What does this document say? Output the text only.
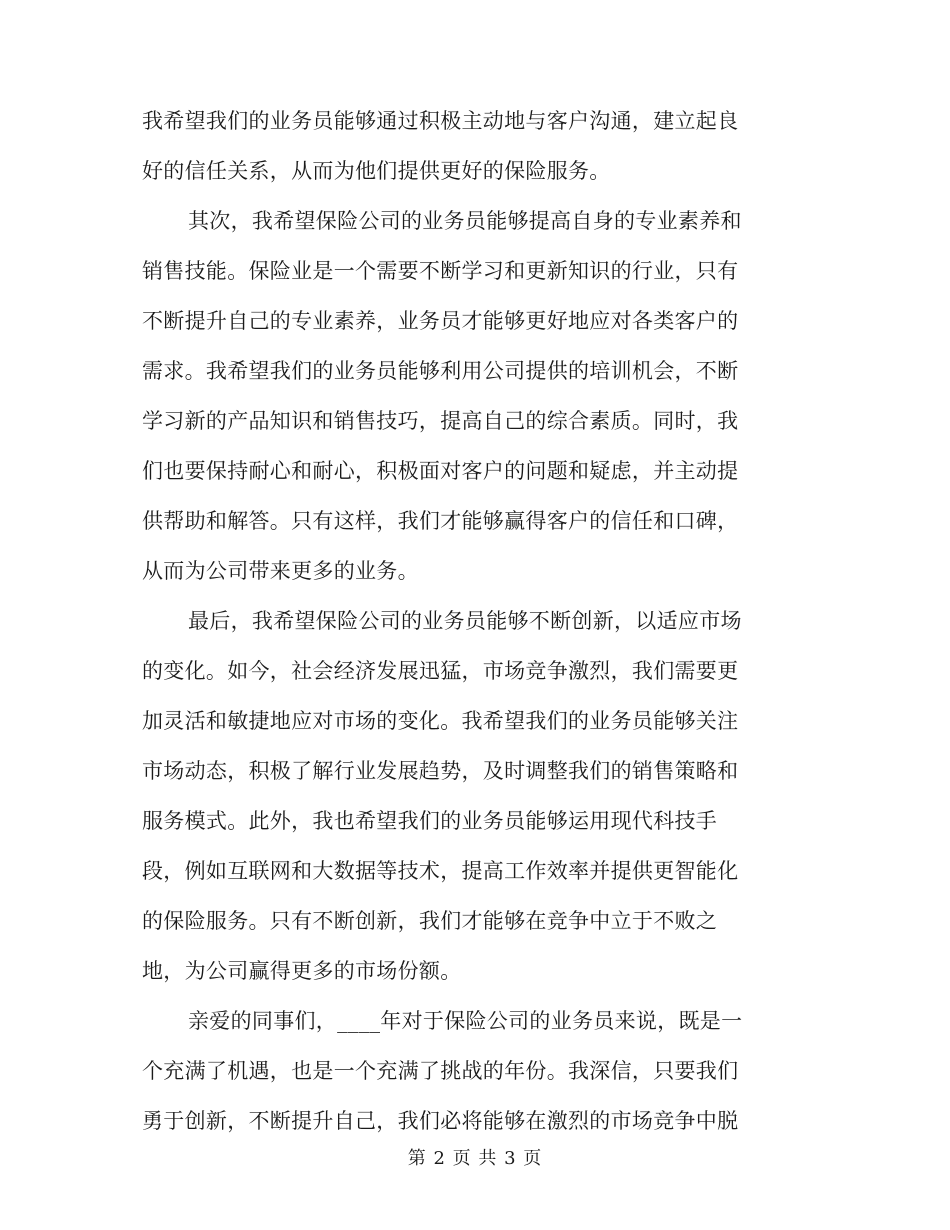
我希望我们的业务员能够通过积极主动地与客户沟通，建立起良
好的信任关系，从而为他们提供更好的保险服务。
其次，我希望保险公司的业务员能够提高自身的专业素养和
销售技能。保险业是一个需要不断学习和更新知识的行业，只有
不断提升自己的专业素养，业务员才能够更好地应对各类客户的
需求。我希望我们的业务员能够利用公司提供的培训机会，不断
学习新的产品知识和销售技巧，提高自己的综合素质。同时，我
们也要保持耐心和耐心，积极面对客户的问题和疑虑，并主动提
供帮助和解答。只有这样，我们才能够赢得客户的信任和口碑，
从而为公司带来更多的业务。
最后，我希望保险公司的业务员能够不断创新，以适应市场
的变化。如今，社会经济发展迅猛，市场竞争激烈，我们需要更
加灵活和敏捷地应对市场的变化。我希望我们的业务员能够关注
市场动态，积极了解行业发展趋势，及时调整我们的销售策略和
服务模式。此外，我也希望我们的业务员能够运用现代科技手
段，例如互联网和大数据等技术，提高工作效率并提供更智能化
的保险服务。只有不断创新，我们才能够在竞争中立于不败之
地，为公司赢得更多的市场份额。
亲爱的同事们，____年对于保险公司的业务员来说，既是一
个充满了机遇，也是一个充满了挑战的年份。我深信，只要我们
勇于创新，不断提升自己，我们必将能够在激烈的市场竞争中脱
第 2 页 共 3 页
